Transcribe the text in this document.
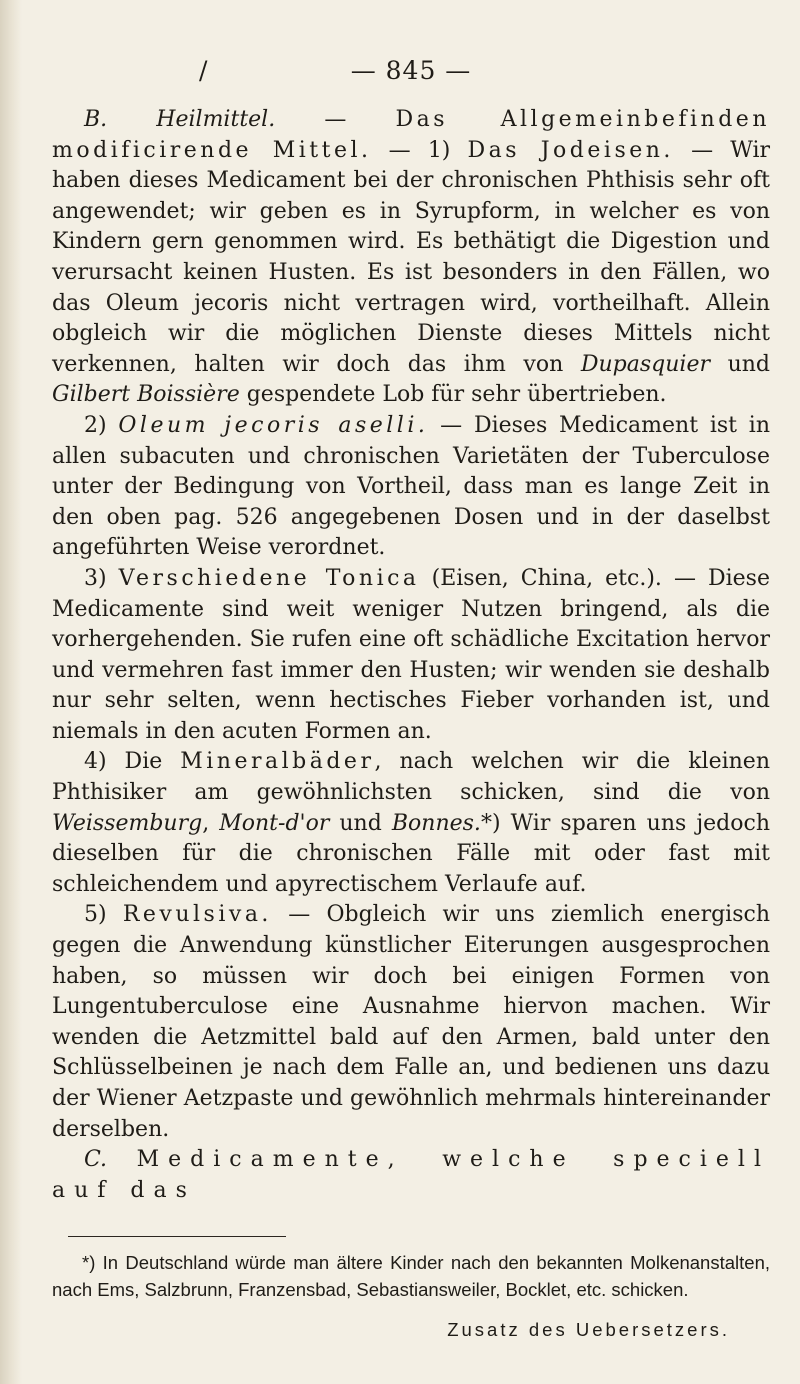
/	— 845 —

B. Heilmittel. — Das Allgemeinbefinden modificirende Mittel. — 1) Das Jodeisen. — Wir haben dieses Medicament bei der chronischen Phthisis sehr oft angewendet; wir geben es in Syrupform, in welcher es von Kindern gern genommen wird. Es bethätigt die Digestion und verursacht keinen Husten. Es ist besonders in den Fällen, wo das Oleum jecoris nicht vertragen wird, vortheilhaft. Allein obgleich wir die möglichen Dienste dieses Mittels nicht verkennen, halten wir doch das ihm von Dupasquier und Gilbert Boissière gespendete Lob für sehr übertrieben.

2) Oleum jecoris aselli. — Dieses Medicament ist in allen subacuten und chronischen Varietäten der Tuberculose unter der Bedingung von Vortheil, dass man es lange Zeit in den oben pag. 526 angegebenen Dosen und in der daselbst angeführten Weise verordnet.

3) Verschiedene Tonica (Eisen, China, etc.). — Diese Medicamente sind weit weniger Nutzen bringend, als die vorhergehenden. Sie rufen eine oft schädliche Excitation hervor und vermehren fast immer den Husten; wir wenden sie deshalb nur sehr selten, wenn hectisches Fieber vorhanden ist, und niemals in den acuten Formen an.

4) Die Mineralbäder, nach welchen wir die kleinen Phthisiker am gewöhnlichsten schicken, sind die von Weissemburg, Mont-d'or und Bonnes.*) Wir sparen uns jedoch dieselben für die chronischen Fälle mit oder fast mit schleichendem und apyrectischem Verlaufe auf.

5) Revulsiva. — Obgleich wir uns ziemlich energisch gegen die Anwendung künstlicher Eiterungen ausgesprochen haben, so müssen wir doch bei einigen Formen von Lungentuberculose eine Ausnahme hiervon machen. Wir wenden die Aetzmittel bald auf den Armen, bald unter den Schlüsselbeinen je nach dem Falle an, und bedienen uns dazu der Wiener Aetzpaste und gewöhnlich mehrmals hintereinander derselben.

C. Medicamente, welche speciell auf das

*) In Deutschland würde man ältere Kinder nach den bekannten Molkenanstalten, nach Ems, Salzbrunn, Franzensbad, Sebastiansweiler, Bocklet, etc. schicken.

Zusatz des Uebersetzers.
